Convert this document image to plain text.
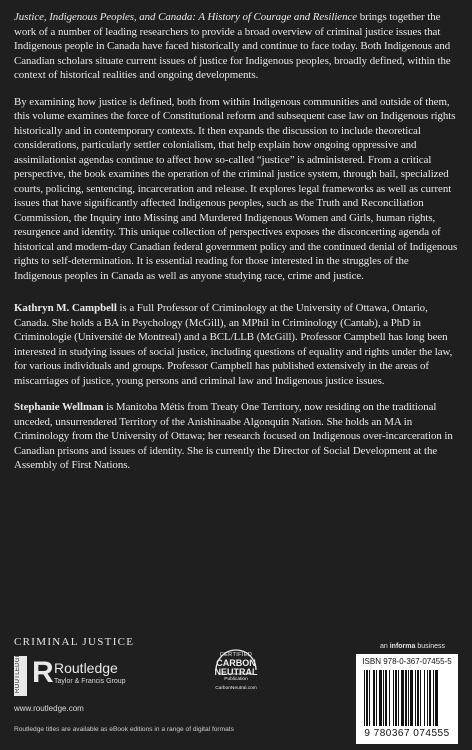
Justice, Indigenous Peoples, and Canada: A History of Courage and Resilience brings together the work of a number of leading researchers to provide a broad overview of criminal justice issues that Indigenous people in Canada have faced historically and continue to face today. Both Indigenous and Canadian scholars situate current issues of justice for Indigenous peoples, broadly defined, within the context of historical realities and ongoing developments.

By examining how justice is defined, both from within Indigenous communities and outside of them, this volume examines the force of Constitutional reform and subsequent case law on Indigenous rights historically and in contemporary contexts. It then expands the discussion to include theoretical considerations, particularly settler colonialism, that help explain how ongoing oppressive and assimilationist agendas continue to affect how so-called “justice” is administered. From a critical perspective, the book examines the operation of the criminal justice system, through bail, specialized courts, policing, sentencing, incarceration and release. It explores legal frameworks as well as current issues that have significantly affected Indigenous peoples, such as the Truth and Reconciliation Commission, the Inquiry into Missing and Murdered Indigenous Women and Girls, human rights, resurgence and identity. This unique collection of perspectives exposes the disconcerting agenda of historical and modern-day Canadian federal government policy and the continued denial of Indigenous rights to self-determination. It is essential reading for those interested in the struggles of the Indigenous peoples in Canada as well as anyone studying race, crime and justice.

Kathryn M. Campbell is a Full Professor of Criminology at the University of Ottawa, Ontario, Canada. She holds a BA in Psychology (McGill), an MPhil in Criminology (Cantab), a PhD in Criminologie (Université de Montreal) and a BCL/LLB (McGill). Professor Campbell has long been interested in studying issues of social justice, including questions of equality and rights under the law, for various individuals and groups. Professor Campbell has published extensively in the areas of miscarriages of justice, young persons and criminal law and Indigenous justice issues.

Stephanie Wellman is Manitoba Métis from Treaty One Territory, now residing on the traditional unceded, unsurrendered Territory of the Anishinaabe Algonquin Nation. She holds an MA in Criminology from the University of Ottawa; her research focused on Indigenous over-incarceration in Canadian prisons and issues of identity. She is currently the Director of Social Development at the Assembly of First Nations.

CRIMINAL JUSTICE
ROUTLEDGE R Routledge
Taylor & Francis Group
www.routledge.com
Routledge titles are available as eBook editions in a range of digital formats
CERTIFIED
CARBON NEUTRAL
Publication
CarbonNeutral.com
an informa business
ISBN 978-0-367-07455-5
9 780367 074555
